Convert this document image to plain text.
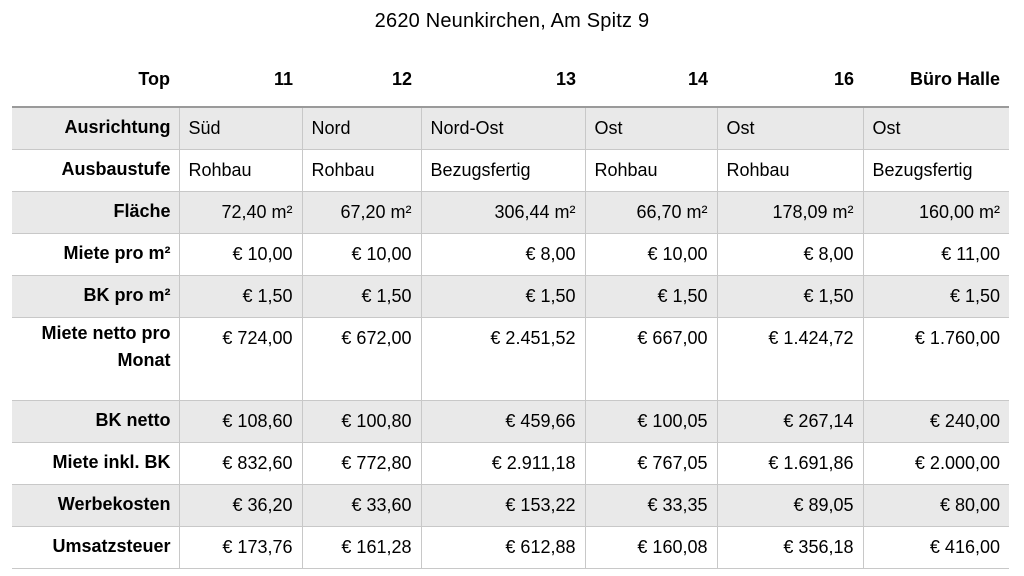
2620 Neunkirchen, Am Spitz 9
Top	11	12	13	14	16	Büro Halle
Ausrichtung	Süd	Nord	Nord-Ost	Ost	Ost	Ost
Ausbaustufe	Rohbau	Rohbau	Bezugsfertig	Rohbau	Rohbau	Bezugsfertig
Fläche	72,40 m²	67,20 m²	306,44 m²	66,70 m²	178,09 m²	160,00 m²
Miete pro m²	€ 10,00	€ 10,00	€ 8,00	€ 10,00	€ 8,00	€ 11,00
BK pro m²	€ 1,50	€ 1,50	€ 1,50	€ 1,50	€ 1,50	€ 1,50
Miete netto pro Monat	€ 724,00	€ 672,00	€ 2.451,52	€ 667,00	€ 1.424,72	€ 1.760,00
BK netto	€ 108,60	€ 100,80	€ 459,66	€ 100,05	€ 267,14	€ 240,00
Miete inkl. BK	€ 832,60	€ 772,80	€ 2.911,18	€ 767,05	€ 1.691,86	€ 2.000,00
Werbekosten	€ 36,20	€ 33,60	€ 153,22	€ 33,35	€ 89,05	€ 80,00
Umsatzsteuer	€ 173,76	€ 161,28	€ 612,88	€ 160,08	€ 356,18	€ 416,00
